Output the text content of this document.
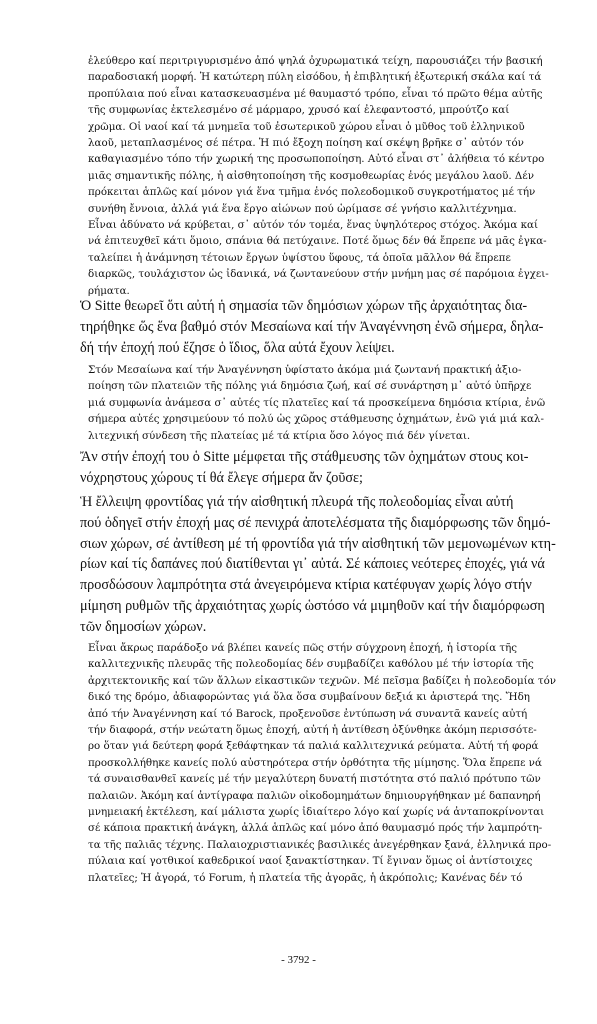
ἐλεύθερο καί περιτριγυρισμένο ἀπό ψηλά ὀχυρωματικά τείχη, παρουσιάζει τήν βασική

παραδοσιακή μορφή. Ἡ κατώτερη πύλη εἰσόδου, ἡ ἐπιβλητική ἐξωτερική σκάλα καί τά

προπύλαια πού εἶναι κατασκευασμένα μέ θαυμαστό τρόπο, εἶναι τό πρῶτο θέμα αὐτῆς

τῆς συμφωνίας ἐκτελεσμένο σέ μάρμαρο, χρυσό καί ἐλεφαντοστό, μπρούτζο καί

χρῶμα. Οἱ ναοί καί τά μνημεῖα τοῦ ἐσωτερικοῦ χώρου εἶναι ὁ μῦθος τοῦ ἑλληνικοῦ

λαοῦ, μεταπλασμένος σέ πέτρα. Ἡ πιό ἔξοχη ποίηση καί σκέψη βρῆκε σ᾽ αὐτόν τόν

καθαγιασμένο τόπο τήν χωρική της προσωποποίηση. Αὐτό εἶναι στ᾽ ἀλήθεια τό κέντρο

μιᾶς σημαντικῆς πόλης, ἡ αἰσθητοποίηση τῆς κοσμοθεωρίας ἑνός μεγάλου λαοῦ. Δέν

πρόκειται ἁπλῶς καί μόνον γιά ἕνα τμῆμα ἑνός πολεοδομικοῦ συγκροτήματος μέ τήν

συνήθη ἔννοια, ἀλλά γιά ἕνα ἔργο αἰώνων πού ὡρίμασε σέ γνήσιο καλλιτέχνημα.

Εἶναι ἀδύνατο νά κρύβεται, σ᾽ αὐτόν τόν τομέα, ἕνας ὑψηλότερος στόχος. Ἀκόμα καί

νά ἐπιτευχθεῖ κάτι ὅμοιο, σπάνια θά πετύχαινε. Ποτέ ὅμως δέν θά ἔπρεπε νά μᾶς ἐγκα-

ταλείπει ἡ ἀνάμνηση τέτοιων ἔργων ὑψίστου ὕφους, τά ὁποῖα μᾶλλον θά ἔπρεπε

διαρκῶς, τουλάχιστον ὡς ἰδανικά, νά ζωντανεύουν στήν μνήμη μας σέ παρόμοια ἐγχει-

ρήματα.

Ὁ Sitte θεωρεῖ ὅτι αὐτή ἡ σημασία τῶν δημόσιων χώρων τῆς ἀρχαιότητας δια-

τηρήθηκε ὥς ἕνα βαθμό στόν Μεσαίωνα καί τήν Ἀναγέννηση ἐνῶ σήμερα, δηλα-

δή τήν ἐποχή πού ἔζησε ὁ ἴδιος, ὅλα αὐτά ἔχουν λείψει.

Στόν Μεσαίωνα καί τήν Ἀναγέννηση ὑφίστατο ἀκόμα μιά ζωντανή πρακτική ἀξιο-

ποίηση τῶν πλατειῶν τῆς πόλης γιά δημόσια ζωή, καί σέ συνάρτηση μ᾽ αὐτό ὑπῆρχε

μιά συμφωνία ἀνάμεσα σ᾽ αὐτές τίς πλατεῖες καί τά προσκείμενα δημόσια κτίρια, ἐνῶ

σήμερα αὐτές χρησιμεύουν τό πολύ ὡς χῶρος στάθμευσης ὀχημάτων, ἐνῶ γιά μιά καλ-

λιτεχνική σύνδεση τῆς πλατείας μέ τά κτίρια ὅσο λόγος πιά δέν γίνεται.

Ἄν στήν ἐποχή του ὁ Sitte μέμφεται τῆς στάθμευσης τῶν ὀχημάτων στους κοι-

νόχρηστους χώρους τί θά ἔλεγε σήμερα ἄν ζοῦσε;

Ἡ ἔλλειψη φροντίδας γιά τήν αἰσθητική πλευρά τῆς πολεοδομίας εἶναι αὐτή

πού ὁδηγεῖ στήν ἐποχή μας σέ πενιχρά ἀποτελέσματα τῆς διαμόρφωσης τῶν δημό-

σιων χώρων, σέ ἀντίθεση μέ τή φροντίδα γιά τήν αἰσθητική τῶν μεμονωμένων κτη-

ρίων καί τίς δαπάνες πού διατίθενται γι᾽ αὐτά. Σέ κάποιες νεότερες ἐποχές, γιά νά

προσδώσουν λαμπρότητα στά ἀνεγειρόμενα κτίρια κατέφυγαν χωρίς λόγο στήν

μίμηση ρυθμῶν τῆς ἀρχαιότητας χωρίς ὡστόσο νά μιμηθοῦν καί τήν διαμόρφωση

τῶν δημοσίων χώρων.

Εἶναι ἄκρως παράδοξο νά βλέπει κανείς πῶς στήν σύγχρονη ἐποχή, ἡ ἱστορία τῆς

καλλιτεχνικῆς πλευρᾶς τῆς πολεοδομίας δέν συμβαδίζει καθόλου μέ τήν ἱστορία τῆς

ἀρχιτεκτονικῆς καί τῶν ἄλλων εἰκαστικῶν τεχνῶν. Μέ πεῖσμα βαδίζει ἡ πολεοδομία τόν

δικό της δρόμο, ἀδιαφορώντας γιά ὅλα ὅσα συμβαίνουν δεξιά κι ἀριστερά της. Ἤδη

ἀπό τήν Ἀναγέννηση καί τό Barock, προξενοῦσε ἐντύπωση νά συναντᾶ κανείς αὐτή

τήν διαφορά, στήν νεώτατη ὅμως ἐποχή, αὐτή ἡ ἀντίθεση ὀξύνθηκε ἀκόμη περισσότε-

ρο ὅταν γιά δεύτερη φορά ξεθάφτηκαν τά παλιά καλλιτεχνικά ρεύματα. Αὐτή τή φορά

προσκολλήθηκε κανείς πολύ αὐστηρότερα στήν ὀρθότητα τῆς μίμησης. Ὅλα ἔπρεπε νά

τά συναισθανθεῖ κανείς μέ τήν μεγαλύτερη δυνατή πιστότητα στό παλιό πρότυπο τῶν

παλαιῶν. Ἀκόμη καί ἀντίγραφα παλιῶν οἰκοδομημάτων δημιουργήθηκαν μέ δαπανηρή

μνημειακή ἐκτέλεση, καί μάλιστα χωρίς ἰδιαίτερο λόγο καί χωρίς νά ἀνταποκρίνονται

σέ κάποια πρακτική ἀνάγκη, ἀλλά ἁπλῶς καί μόνο ἀπό θαυμασμό πρός τήν λαμπρότη-

τα τῆς παλιᾶς τέχνης. Παλαιοχριστιανικές βασιλικές ἀνεγέρθηκαν ξανά, ἑλληνικά προ-

πύλαια καί γοτθικοί καθεδρικοί ναοί ξανακτίστηκαν. Τί ἔγιναν ὅμως οἱ ἀντίστοιχες

πλατεῖες; Ἡ ἀγορά, τό Forum, ἡ πλατεία τῆς ἀγορᾶς, ἡ ἀκρόπολις; Κανένας δέν τό

- 3792 -
